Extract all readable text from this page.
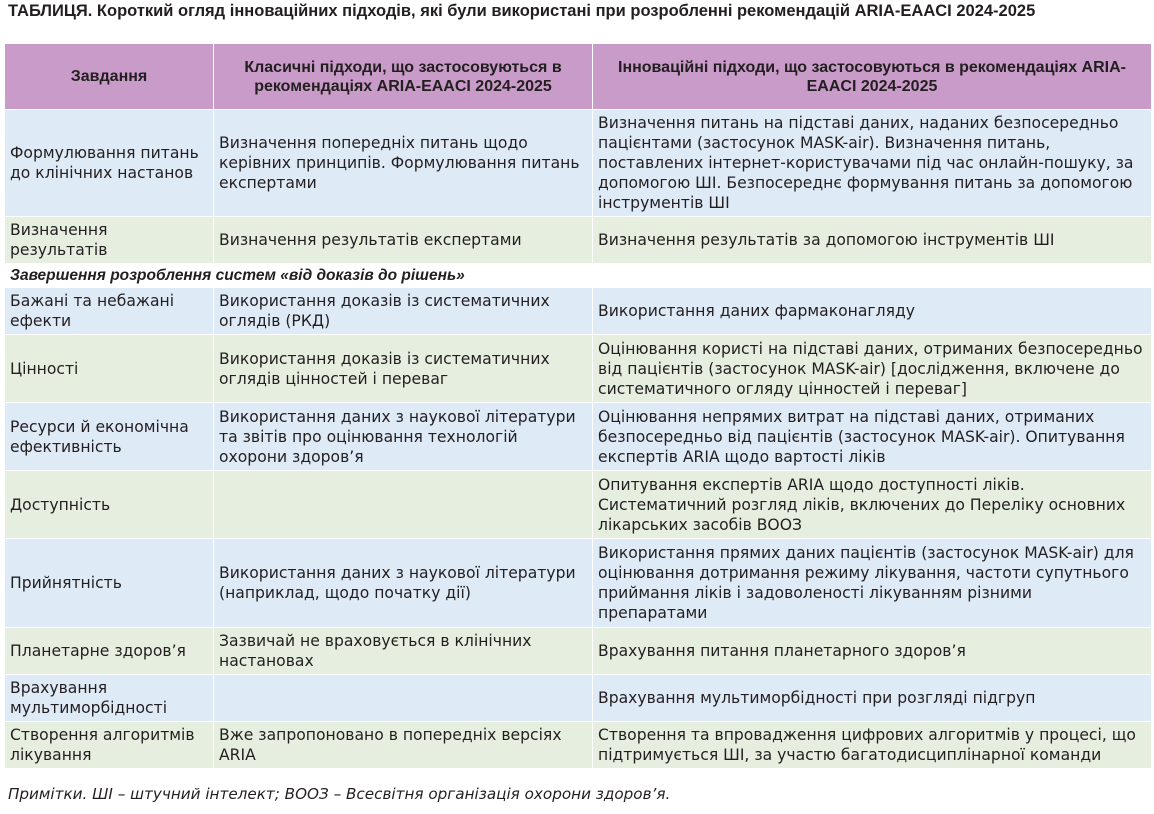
ТАБЛИЦЯ. Короткий огляд інноваційних підходів, які були використані при розробленні рекомендацій ARIA-EAACI 2024-2025
Завдання	Класичні підходи, що застосовуються в рекомендаціях ARIA-EAACI 2024-2025	Інноваційні підходи, що застосовуються в рекомендаціях ARIA-EAACI 2024-2025
Формулювання питань до клінічних настанов	Визначення попередніх питань щодо керівних принципів. Формулювання питань експертами	Визначення питань на підставі даних, наданих безпосередньо пацієнтами (застосунок MASK-air). Визначення питань, поставлених інтернет-користувачами під час онлайн-пошуку, за допомогою ШІ. Безпосереднє формування питань за допомогою інструментів ШІ
Визначення результатів	Визначення результатів експертами	Визначення результатів за допомогою інструментів ШІ
Завершення розроблення систем «від доказів до рішень»		
Бажані та небажані ефекти	Використання доказів із систематичних оглядів (РКД)	Використання даних фармаконагляду
Цінності	Використання доказів із систематичних оглядів цінностей і переваг	Оцінювання користі на підставі даних, отриманих безпосередньо від пацієнтів (застосунок MASK-air) [дослідження, включене до систематичного огляду цінностей і переваг]
Ресурси й економічна ефективність	Використання даних з наукової літератури та звітів про оцінювання технологій охорони здоров’я	Оцінювання непрямих витрат на підставі даних, отриманих безпосередньо від пацієнтів (застосунок MASK-air). Опитування експертів ARIA щодо вартості ліків
Доступність		Опитування експертів ARIA щодо доступності ліків. Систематичний розгляд ліків, включених до Переліку основних лікарських засобів ВООЗ
Прийнятність	Використання даних з наукової літератури (наприклад, щодо початку дії)	Використання прямих даних пацієнтів (застосунок MASK-air) для оцінювання дотримання режиму лікування, частоти супутнього приймання ліків і задоволеності лікуванням різними препаратами
Планетарне здоров’я	Зазвичай не враховується в клінічних настановах	Врахування питання планетарного здоров’я
Врахування мультиморбідності		Врахування мультиморбідності при розгляді підгруп
Створення алгоритмів лікування	Вже запропоновано в попередніх версіях ARIA	Створення та впровадження цифрових алгоритмів у процесі, що підтримується ШІ, за участю багатодисциплінарної команди
Примітки. ШІ – штучний інтелект; ВООЗ – Всесвітня організація охорони здоров’я.
